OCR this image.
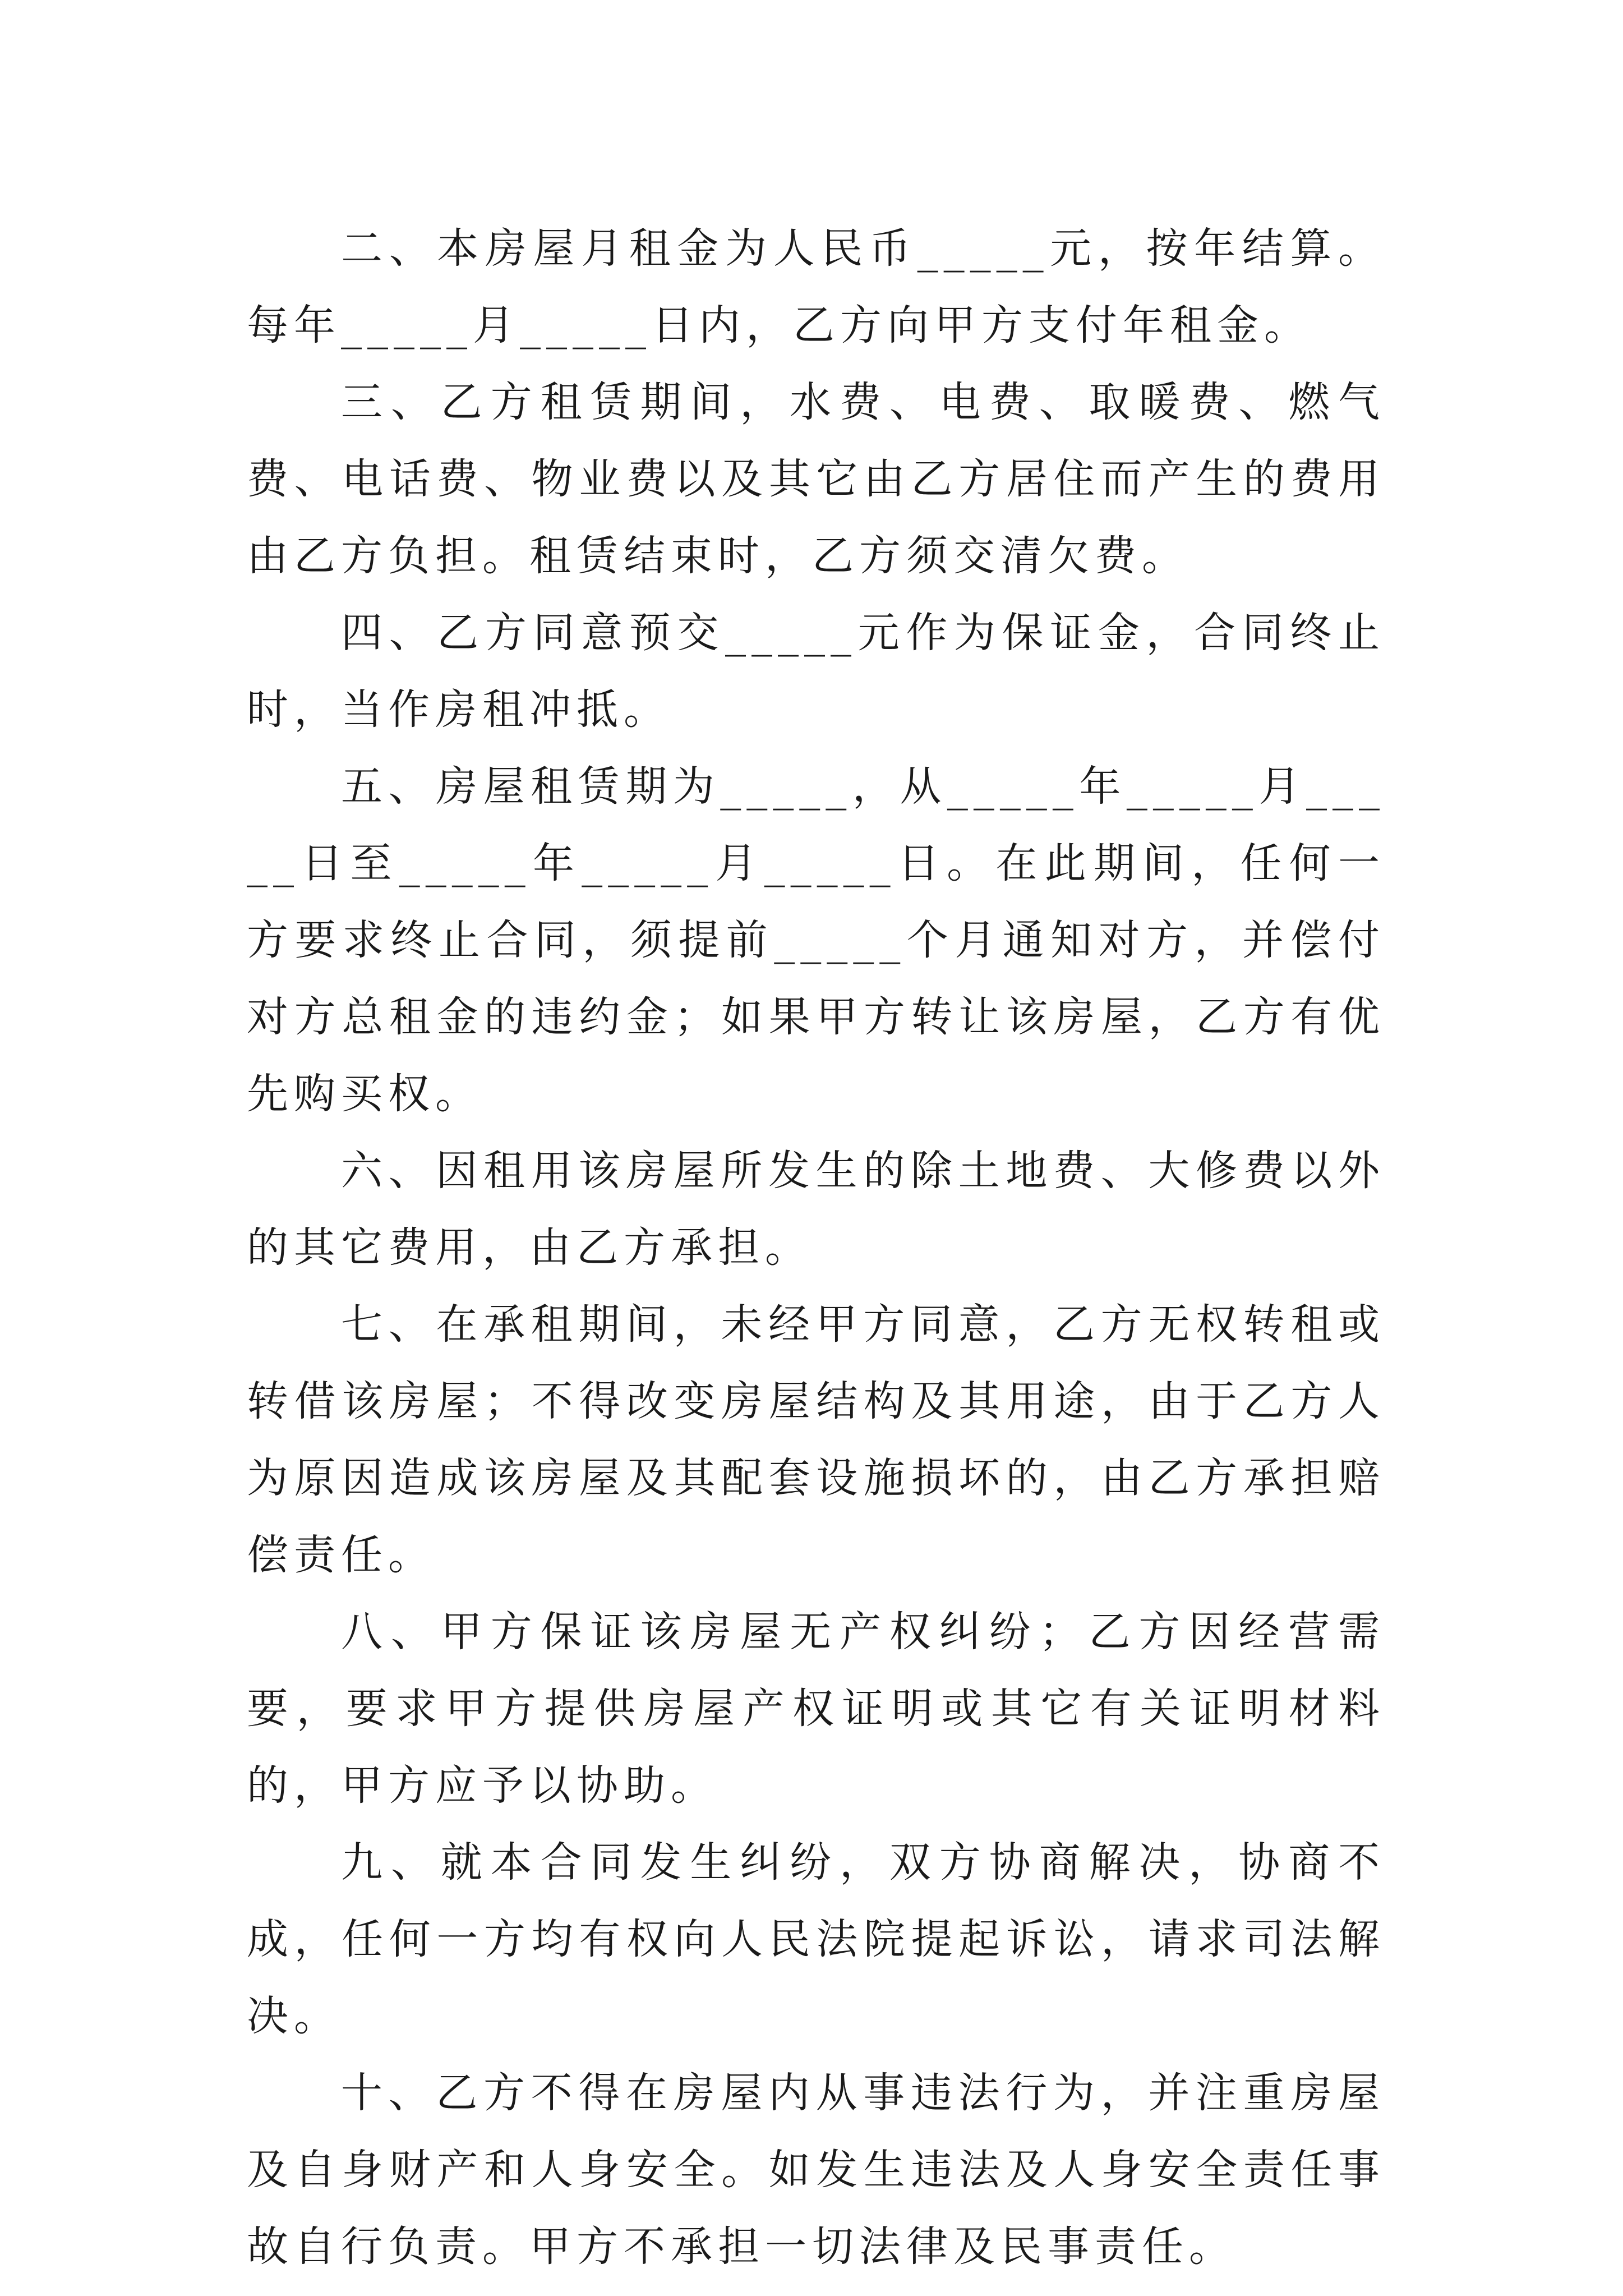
二、本房屋月租金为人民币_____元，按年结算。每年_____月_____日内，乙方向甲方支付年租金。

三、乙方租赁期间，水费、电费、取暖费、燃气费、电话费、物业费以及其它由乙方居住而产生的费用由乙方负担。租赁结束时，乙方须交清欠费。

四、乙方同意预交_____元作为保证金，合同终止时，当作房租冲抵。

五、房屋租赁期为_____，从_____年_____月_____日至_____年_____月_____日。在此期间，任何一方要求终止合同，须提前_____个月通知对方，并偿付对方总租金的违约金；如果甲方转让该房屋，乙方有优先购买权。

六、因租用该房屋所发生的除土地费、大修费以外的其它费用，由乙方承担。

七、在承租期间，未经甲方同意，乙方无权转租或转借该房屋；不得改变房屋结构及其用途，由于乙方人为原因造成该房屋及其配套设施损坏的，由乙方承担赔偿责任。

八、甲方保证该房屋无产权纠纷；乙方因经营需要，要求甲方提供房屋产权证明或其它有关证明材料的，甲方应予以协助。

九、就本合同发生纠纷，双方协商解决，协商不成，任何一方均有权向人民法院提起诉讼，请求司法解决。

十、乙方不得在房屋内从事违法行为，并注重房屋及自身财产和人身安全。如发生违法及人身安全责任事故自行负责。甲方不承担一切法律及民事责任。
